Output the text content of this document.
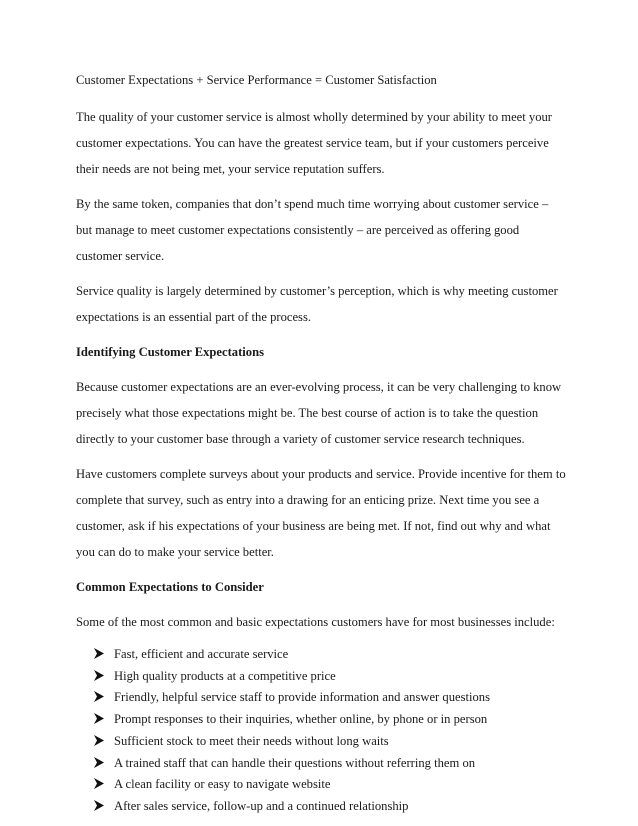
Customer Expectations + Service Performance = Customer Satisfaction

The quality of your customer service is almost wholly determined by your ability to meet your customer expectations. You can have the greatest service team, but if your customers perceive their needs are not being met, your service reputation suffers.

By the same token, companies that don’t spend much time worrying about customer service – but manage to meet customer expectations consistently – are perceived as offering good customer service.

Service quality is largely determined by customer’s perception, which is why meeting customer expectations is an essential part of the process.

Identifying Customer Expectations

Because customer expectations are an ever-evolving process, it can be very challenging to know precisely what those expectations might be. The best course of action is to take the question directly to your customer base through a variety of customer service research techniques.

Have customers complete surveys about your products and service. Provide incentive for them to complete that survey, such as entry into a drawing for an enticing prize. Next time you see a customer, ask if his expectations of your business are being met. If not, find out why and what you can do to make your service better.

Common Expectations to Consider

Some of the most common and basic expectations customers have for most businesses include:

Fast, efficient and accurate service
High quality products at a competitive price
Friendly, helpful service staff to provide information and answer questions
Prompt responses to their inquiries, whether online, by phone or in person
Sufficient stock to meet their needs without long waits
A trained staff that can handle their questions without referring them on
A clean facility or easy to navigate website
After sales service, follow-up and a continued relationship
